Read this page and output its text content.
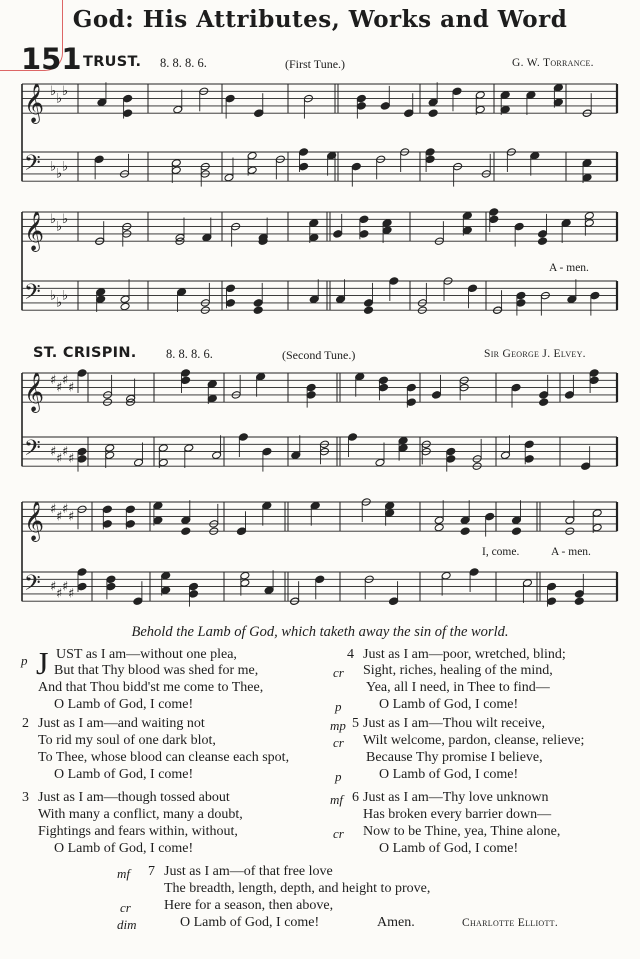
God: His Attributes, Works and Word
151 TRUST. 8. 8. 8. 6.	(First Tune.)	G. W. Torrance.
𝄞 ♭ ♭ ♭
𝄢 ♭ ♭ ♭
𝄞 ♭ ♭ ♭
𝄢 ♭ ♭ ♭
𝄞 ♯ ♯ ♯ ♯
𝄢 ♯ ♯ ♯ ♯
𝄞 ♯ ♯ ♯ ♯
𝄢 ♯ ♯ ♯ ♯
A - men.
ST. CRISPIN. 8. 8. 8. 6.	(Second Tune.)	Sir George J. Elvey.
I, come.	A - men.
Behold the Lamb of God, which taketh away the sin of the world.
p J UST as I am—without one plea,
But that Thy blood was shed for me,
And that Thou bidd'st me come to Thee,
O Lamb of God, I come!
2 Just as I am—and waiting not
To rid my soul of one dark blot,
To Thee, whose blood can cleanse each spot,
O Lamb of God, I come!
3 Just as I am—though tossed about
With many a conflict, many a doubt,
Fightings and fears within, without,
O Lamb of God, I come!
4 Just as I am—poor, wretched, blind;
cr Sight, riches, healing of the mind,
Yea, all I need, in Thee to find—
p	O Lamb of God, I come!
mp 5 Just as I am—Thou wilt receive,
cr Wilt welcome, pardon, cleanse, relieve;
Because Thy promise I believe,
p	O Lamb of God, I come!
mf 6 Just as I am—Thy love unknown
Has broken every barrier down—
cr Now to be Thine, yea, Thine alone,
O Lamb of God, I come!
mf 7 Just as I am—of that free love
The breadth, length, depth, and height to prove,
cr Here for a season, then above,
dim	O Lamb of God, I come!	Amen.	Charlotte Elliott.
